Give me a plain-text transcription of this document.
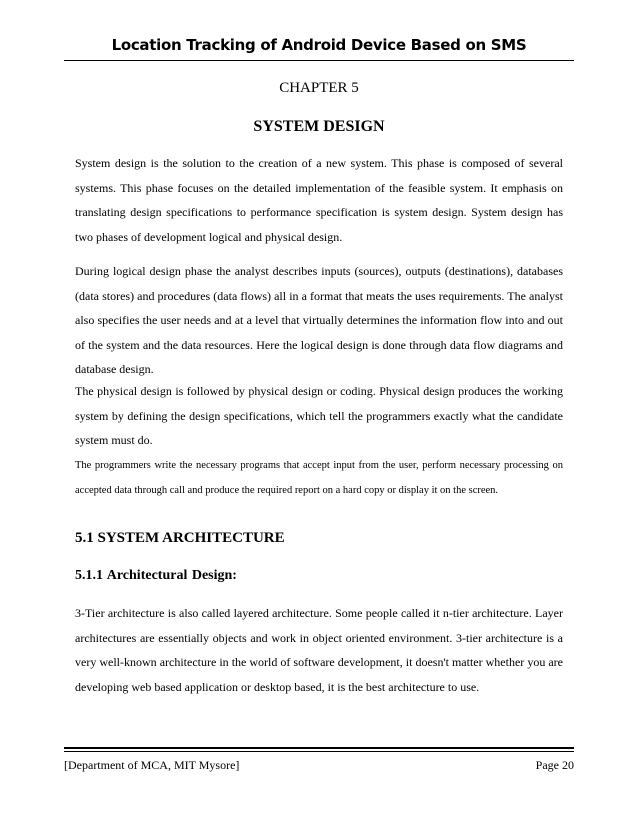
Location Tracking of Android Device Based on SMS

CHAPTER 5

SYSTEM DESIGN

System design is the solution to the creation of a new system. This phase is composed of several systems. This phase focuses on the detailed implementation of the feasible system. It emphasis on translating design specifications to performance specification is system design. System design has two phases of development logical and physical design.

During logical design phase the analyst describes inputs (sources), outputs (destinations), databases (data stores) and procedures (data flows) all in a format that meats the uses requirements. The analyst also specifies the user needs and at a level that virtually determines the information flow into and out of the system and the data resources. Here the logical design is done through data flow diagrams and database design.

The physical design is followed by physical design or coding. Physical design produces the working system by defining the design specifications, which tell the programmers exactly what the candidate system must do.

The programmers write the necessary programs that accept input from the user, perform necessary processing on accepted data through call and produce the required report on a hard copy or display it on the screen.

5.1 SYSTEM ARCHITECTURE
5.1.1 Architectural Design:

3-Tier architecture is also called layered architecture. Some people called it n-tier architecture. Layer architectures are essentially objects and work in object oriented environment. 3-tier architecture is a very well-known architecture in the world of software development, it doesn't matter whether you are developing web based application or desktop based, it is the best architecture to use.

[Department of MCA, MIT Mysore]	Page 20
